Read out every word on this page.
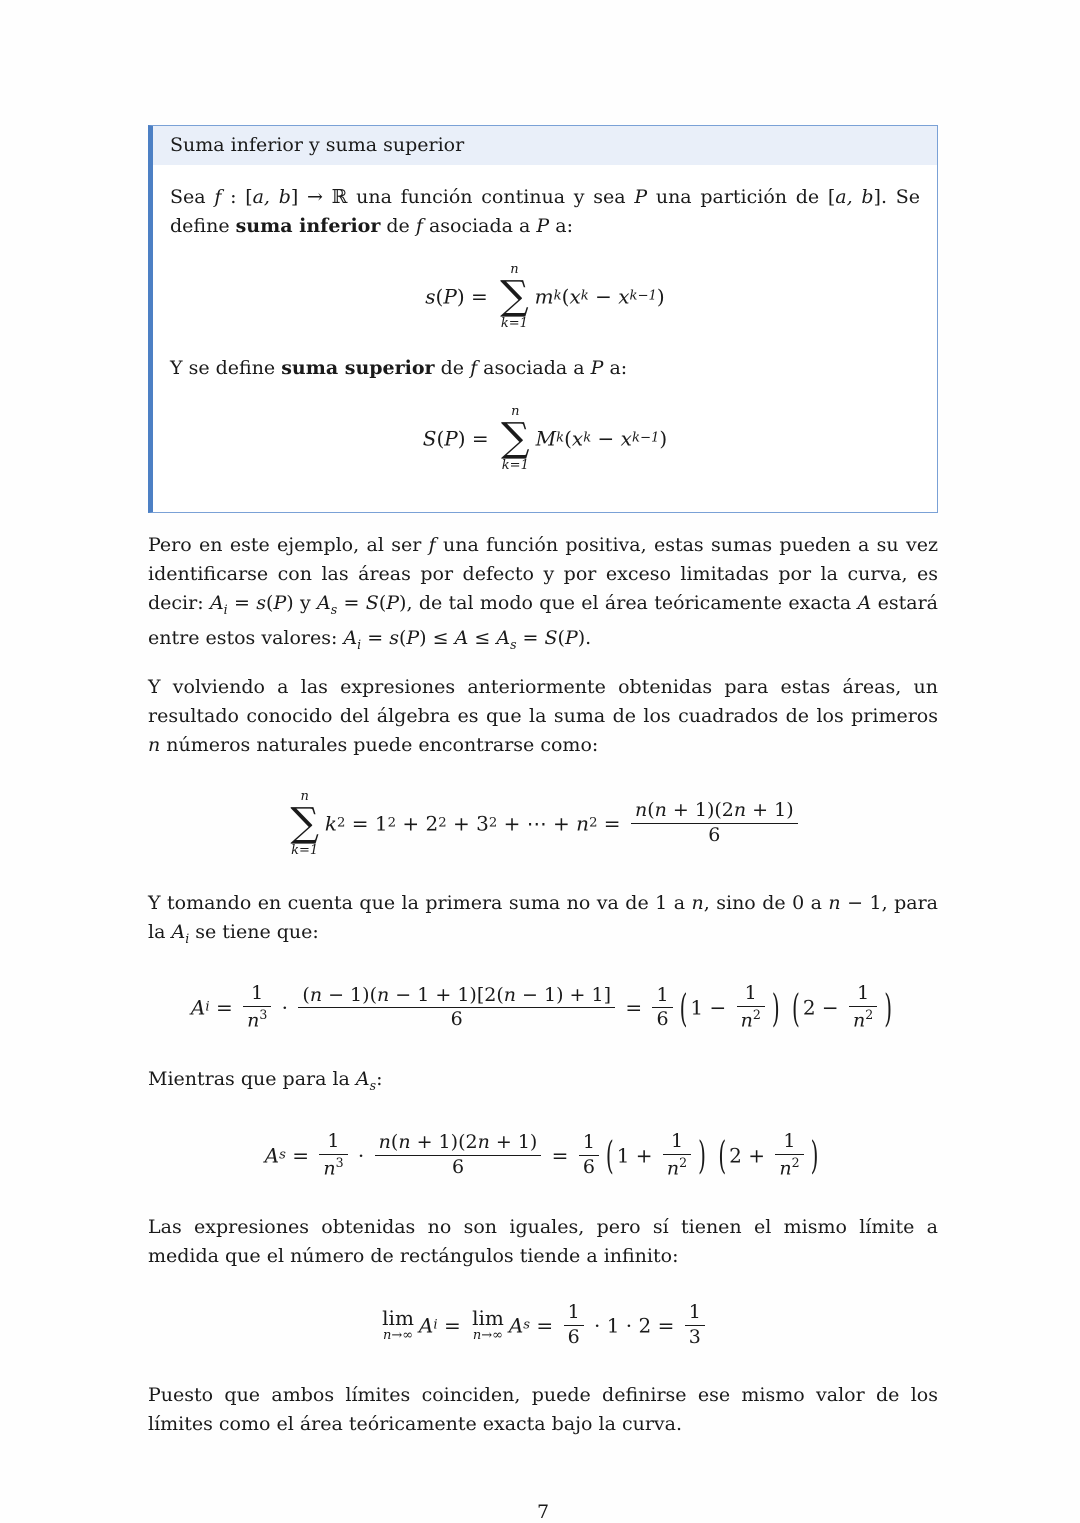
Suma inferior y suma superior

Sea f : [a, b] → ℝ una función continua y sea P una partición de [a, b]. Se define suma inferior de f asociada a P a:

s(P) =
n
∑
k=1
mk(xk − xk−1)

Y se define suma superior de f asociada a P a:

S(P) =
n
∑
k=1
Mk(xk − xk−1)

Pero en este ejemplo, al ser f una función positiva, estas sumas pueden a su vez identificarse con las áreas por defecto y por exceso limitadas por la curva, es decir: $A_i = s(P)$ y $A_s = S(P)$, de tal modo que el área teóricamente exacta A estará entre estos valores: $A_i = s(P) \le A \le A_s = S(P)$.

Y volviendo a las expresiones anteriormente obtenidas para estas áreas, un resultado conocido del álgebra es que la suma de los cuadrados de los primeros n números naturales puede encontrarse como:

n
∑
k=1
k2 = 12 + 22 + 32 + ⋯ + $n2 = \frac{n(n + 1)(2n + 1)}{6}$

Y tomando en cuenta que la primera suma no va de 1 a n, sino de 0 a n − 1, para la $A_i$ se tiene que:

$Ai = \frac{1}{n^3} \cdot \frac{(n - 1)(n - 1 + 1)[2(n - 1) + 1]}{6} = \frac{1}{6}$ ( $1 - \frac{1}{n^2}$ ) ( $2 - \frac{1}{n^2}$ )

Mientras que para la $A_s$:

$As = \frac{1}{n^3} \cdot \frac{n(n + 1)(2n + 1)}{6} = \frac{1}{6}$ ( $1 + \frac{1}{n^2}$ ) ( $2 + \frac{1}{n^2}$ )

Las expresiones obtenidas no son iguales, pero sí tienen el mismo límite a medida que el número de rectángulos tiende a infinito:

lim
n→∞ Ai = lim
n→∞ $As = \frac{1}{6} \cdot 1 \cdot 2 = \frac{1}{3}$

Puesto que ambos límites coinciden, puede definirse ese mismo valor de los límites como el área teóricamente exacta bajo la curva.

7
